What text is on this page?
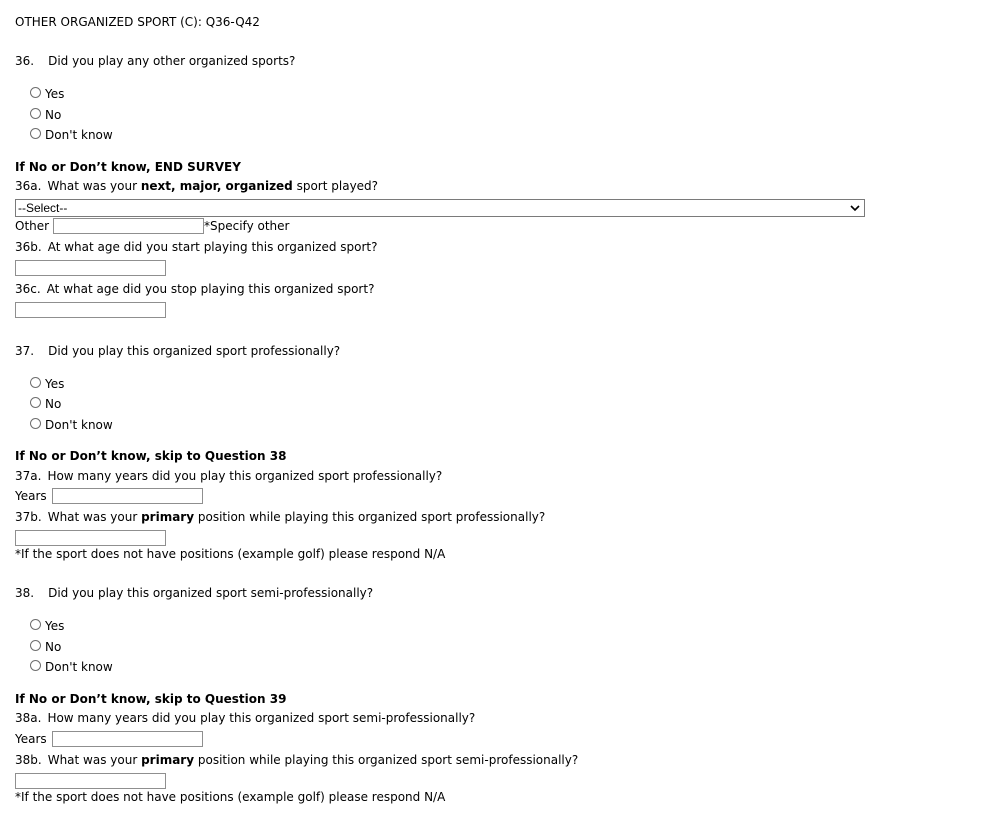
OTHER ORGANIZED SPORT (C): Q36-Q42
36. Did you play any other organized sports?
Yes
No
Don't know
If No or Don’t know, END SURVEY
36a. What was your next, major, organized sport played?
--Select--
Other	*Specify other
36b. At what age did you start playing this organized sport?
36c. At what age did you stop playing this organized sport?
37. Did you play this organized sport professionally?
Yes
No
Don't know
If No or Don’t know, skip to Question 38
37a. How many years did you play this organized sport professionally?
Years
37b. What was your primary position while playing this organized sport professionally?
*If the sport does not have positions (example golf) please respond N/A
38. Did you play this organized sport semi-professionally?
Yes
No
Don't know
If No or Don’t know, skip to Question 39
38a. How many years did you play this organized sport semi-professionally?
Years
38b. What was your primary position while playing this organized sport semi-professionally?
*If the sport does not have positions (example golf) please respond N/A
